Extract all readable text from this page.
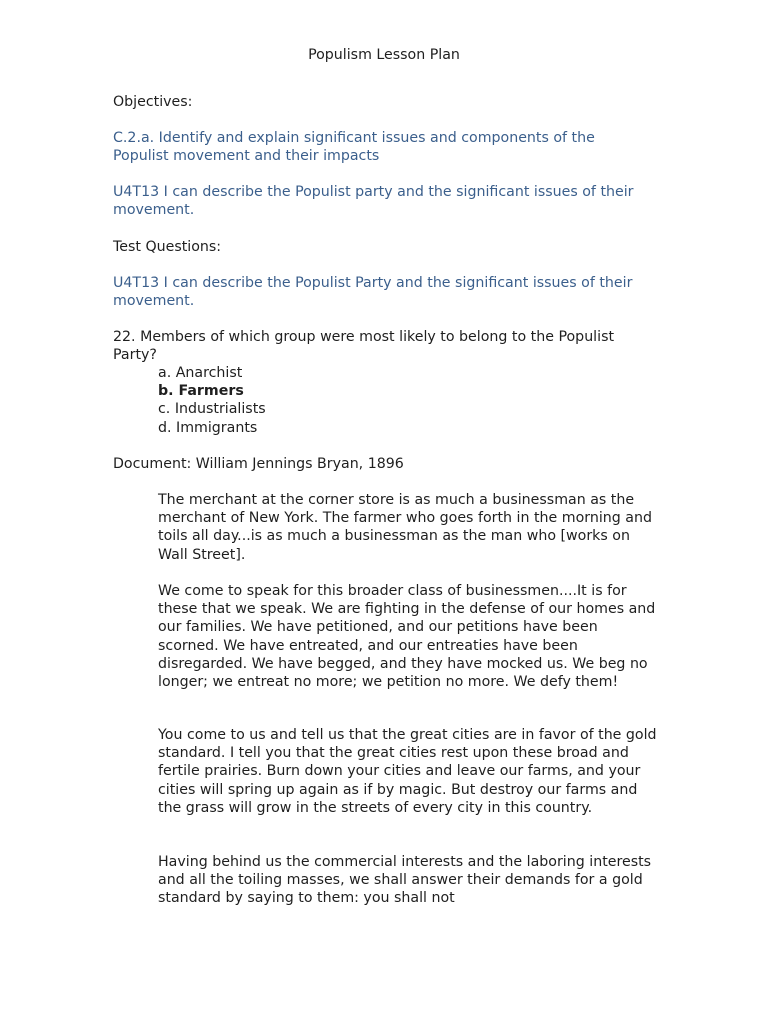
Populism Lesson Plan

Objectives:

C.2.a. Identify and explain significant issues and components of the Populist movement and their impacts

U4T13 I can describe the Populist party and the significant issues of their movement.

Test Questions:

U4T13 I can describe the Populist Party and the significant issues of their movement.

22. Members of which group were most likely to belong to the Populist Party?

a. Anarchist
b. Farmers
c. Industrialists
d. Immigrants

Document: William Jennings Bryan, 1896

The merchant at the corner store is as much a businessman as the merchant of New York. The farmer who goes forth in the morning and toils all day...is as much a businessman as the man who [works on Wall Street].

We come to speak for this broader class of businessmen....It is for these that we speak. We are fighting in the defense of our homes and our families. We have petitioned, and our petitions have been scorned. We have entreated, and our entreaties have been disregarded. We have begged, and they have mocked us. We beg no longer; we entreat no more; we petition no more. We defy them!

You come to us and tell us that the great cities are in favor of the gold standard. I tell you that the great cities rest upon these broad and fertile prairies. Burn down your cities and leave our farms, and your cities will spring up again as if by magic. But destroy our farms and the grass will grow in the streets of every city in this country.

Having behind us the commercial interests and the laboring interests and all the toiling masses, we shall answer their demands for a gold standard by saying to them: you shall not
